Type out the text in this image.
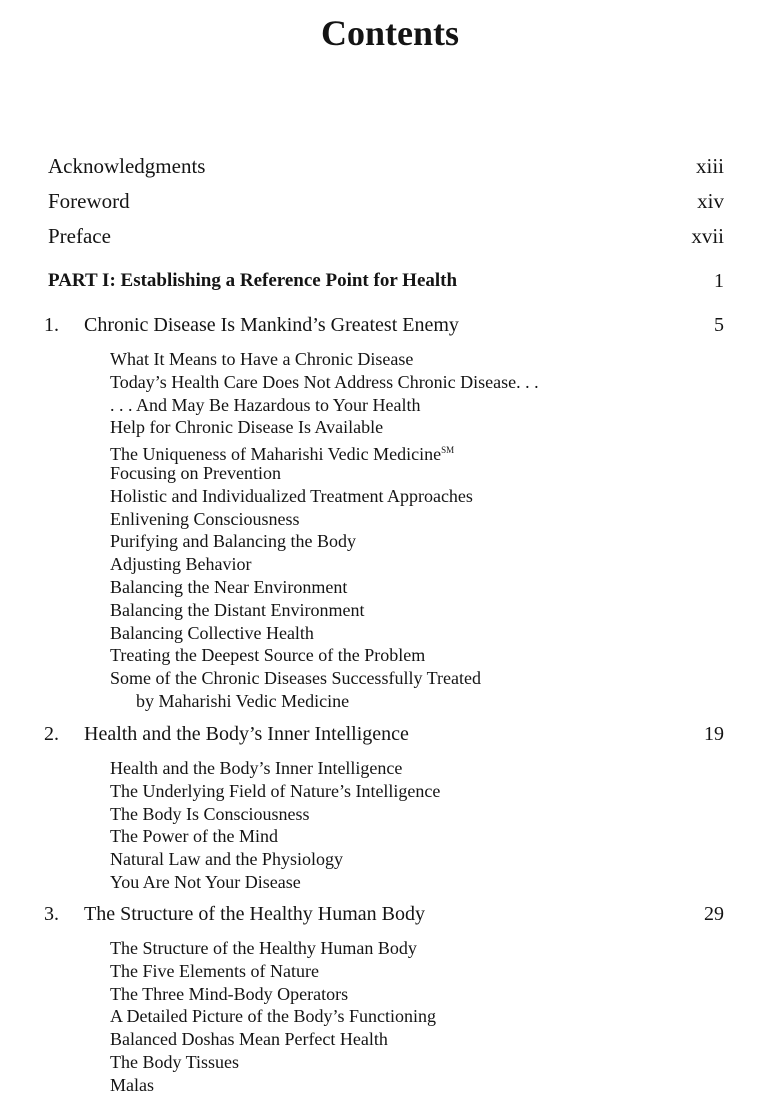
Contents
Acknowledgments	xiii
Foreword	xiv
Preface	xvii
PART I: Establishing a Reference Point for Health	1
1. Chronic Disease Is Mankind’s Greatest Enemy	5
What It Means to Have a Chronic Disease
Today’s Health Care Does Not Address Chronic Disease. . .
. . . And May Be Hazardous to Your Health
Help for Chronic Disease Is Available
The Uniqueness of Maharishi Vedic Medicine℠
Focusing on Prevention
Holistic and Individualized Treatment Approaches
Enlivening Consciousness
Purifying and Balancing the Body
Adjusting Behavior
Balancing the Near Environment
Balancing the Distant Environment
Balancing Collective Health
Treating the Deepest Source of the Problem
Some of the Chronic Diseases Successfully Treated
by Maharishi Vedic Medicine
2. Health and the Body’s Inner Intelligence	19
Health and the Body’s Inner Intelligence
The Underlying Field of Nature’s Intelligence
The Body Is Consciousness
The Power of the Mind
Natural Law and the Physiology
You Are Not Your Disease
3. The Structure of the Healthy Human Body	29
The Structure of the Healthy Human Body
The Five Elements of Nature
The Three Mind-Body Operators
A Detailed Picture of the Body’s Functioning
Balanced Doshas Mean Perfect Health
The Body Tissues
Malas
